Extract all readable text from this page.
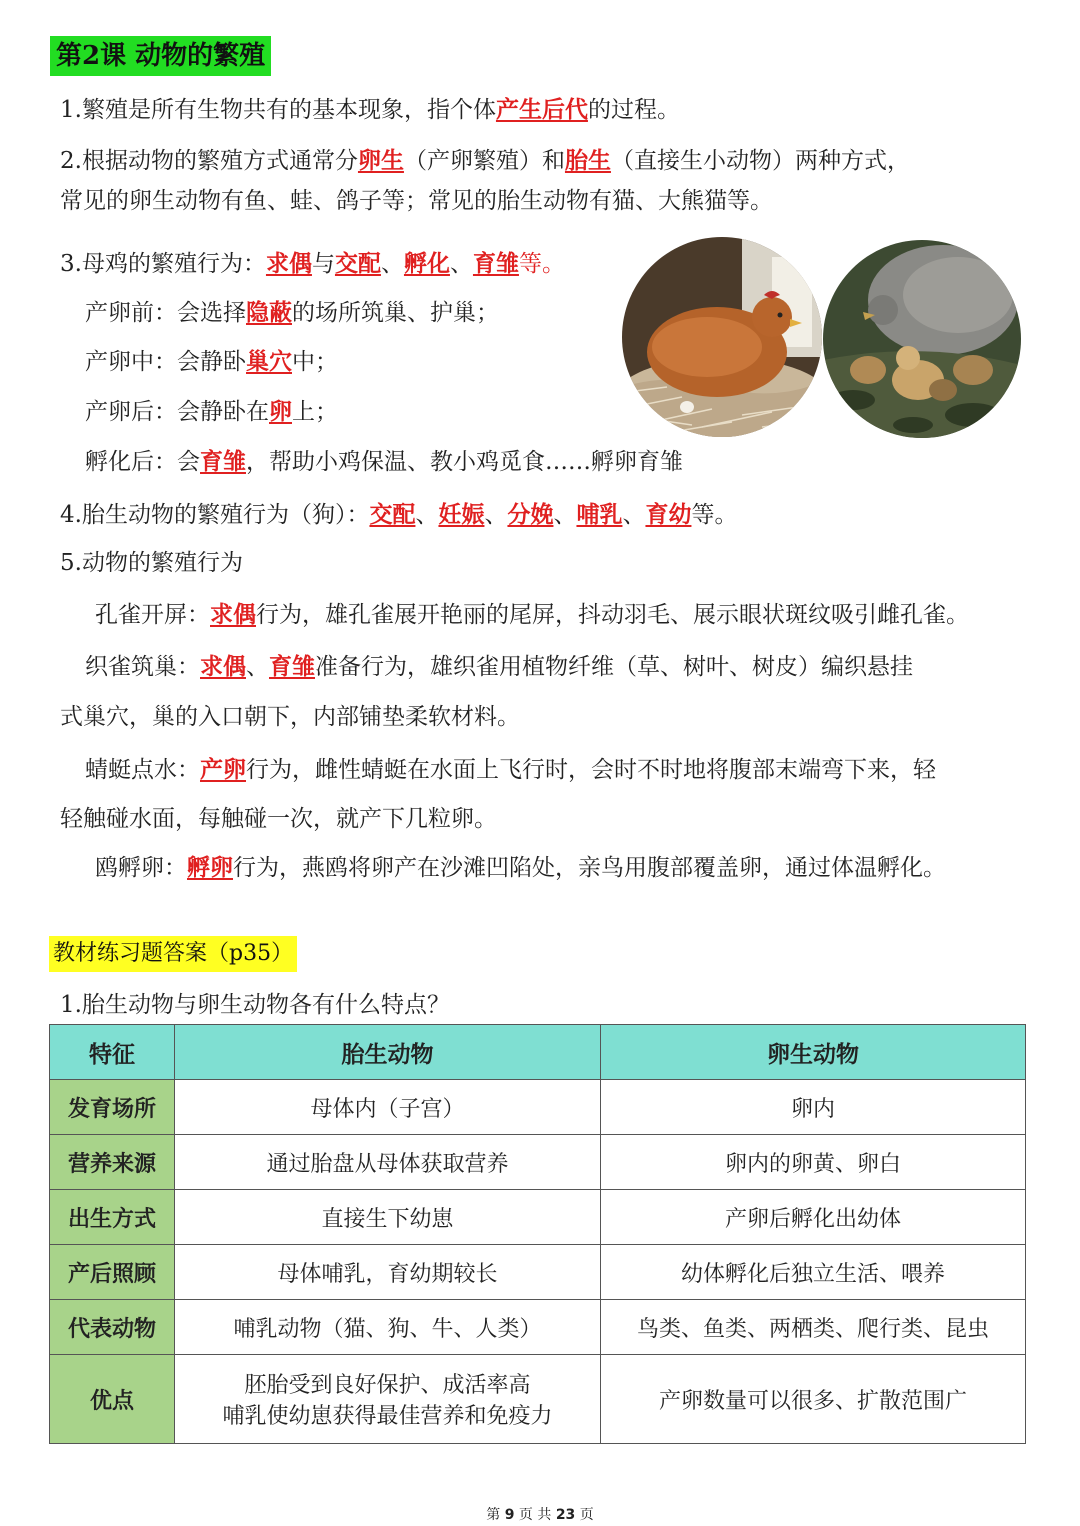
第2课 动物的繁殖
1.繁殖是所有生物共有的基本现象，指个体产生后代的过程。
2.根据动物的繁殖方式通常分卵生（产卵繁殖）和胎生（直接生小动物）两种方式，
常见的卵生动物有鱼、蛙、鸽子等；常见的胎生动物有猫、大熊猫等。
3.母鸡的繁殖行为：求偶与交配、孵化、育雏等。
产卵前：会选择隐蔽的场所筑巢、护巢；
产卵中：会静卧巢穴中；
产卵后：会静卧在卵上；
孵化后：会育雏，帮助小鸡保温、教小鸡觅食……孵卵育雏
4.胎生动物的繁殖行为（狗）：交配、妊娠、分娩、哺乳、育幼等。
5.动物的繁殖行为
孔雀开屏：求偶行为，雄孔雀展开艳丽的尾屏，抖动羽毛、展示眼状斑纹吸引雌孔雀。
织雀筑巢：求偶、育雏准备行为，雄织雀用植物纤维（草、树叶、树皮）编织悬挂
式巢穴，巢的入口朝下，内部铺垫柔软材料。
蜻蜓点水：产卵行为，雌性蜻蜓在水面上飞行时，会时不时地将腹部末端弯下来，轻
轻触碰水面，每触碰一次，就产下几粒卵。
鸥孵卵：孵卵行为，燕鸥将卵产在沙滩凹陷处，亲鸟用腹部覆盖卵，通过体温孵化。
教材练习题答案（p35）
1.胎生动物与卵生动物各有什么特点？
特征	胎生动物	卵生动物
发育场所	母体内（子宫）	卵内
营养来源	通过胎盘从母体获取营养	卵内的卵黄、卵白
出生方式	直接生下幼崽	产卵后孵化出幼体
产后照顾	母体哺乳，育幼期较长	幼体孵化后独立生活、喂养
代表动物	哺乳动物（猫、狗、牛、人类）	鸟类、鱼类、两栖类、爬行类、昆虫
优点	胚胎受到良好保护、成活率高
哺乳使幼崽获得最佳营养和免疫力	产卵数量可以很多、扩散范围广
第 9 页 共 23 页
